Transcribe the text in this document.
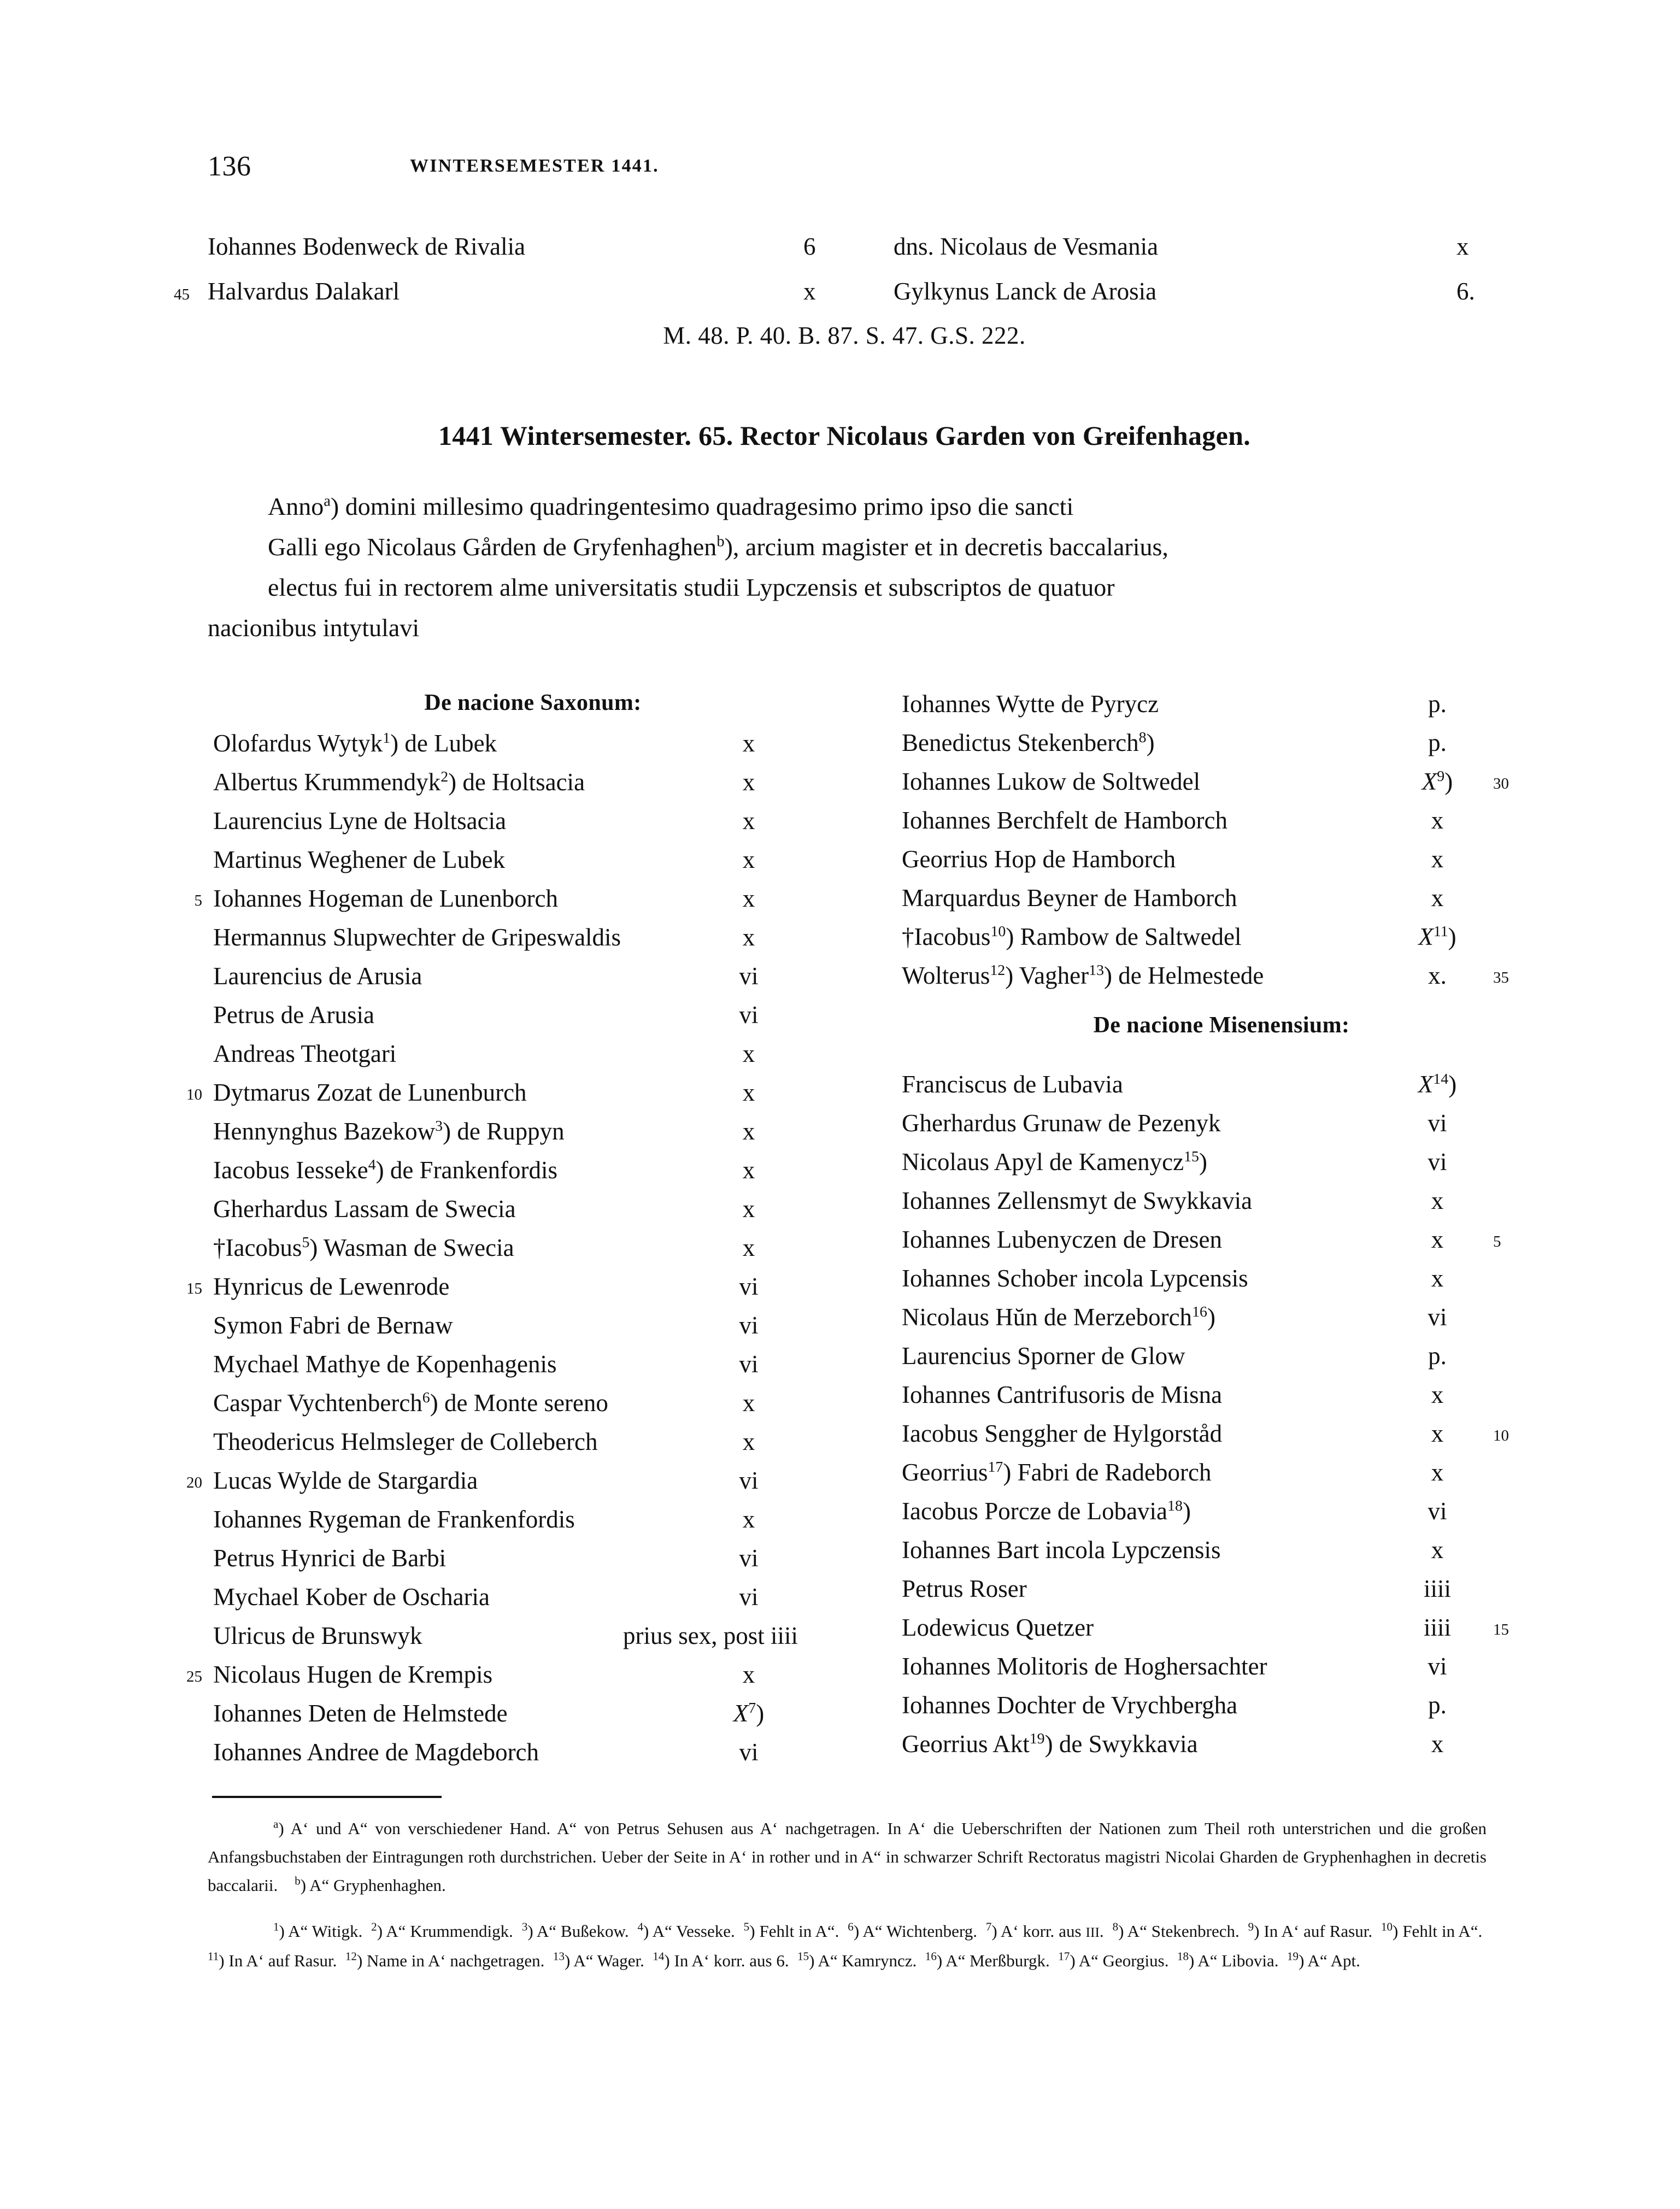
136	WINTERSEMESTER 1441.
Iohannes Bodenweck de Rivalia	6	dns. Nicolaus de Vesmania	x
45 Halvardus Dalakarl	x	Gylkynus Lanck de Arosia	6.
M. 48. P. 40. B. 87. S. 47. G.S. 222.
1441 Wintersemester. 65. Rector Nicolaus Garden von Greifenhagen.
Anno$^a$) domini millesimo quadringentesimo quadragesimo primo ipso die sancti
Galli ego Nicolaus Gården de Gryfenhaghen$^b$), arcium magister et in decretis baccalarius,
electus fui in rectorem alme universitatis studii Lypczensis et subscriptos de quatuor
nacionibus intytulavi
De nacione Saxonum:
Olofardus Wytyk$^1$) de Lubek	x
Albertus Krummendyk$^2$) de Holtsacia	x
Laurencius Lyne de Holtsacia	x
Martinus Weghener de Lubek	x
5 Iohannes Hogeman de Lunenborch	x
Hermannus Slupwechter de Gripeswaldis	x
Laurencius de Arusia	vi
Petrus de Arusia	vi
Andreas Theotgari	x
10 Dytmarus Zozat de Lunenburch	x
Hennynghus Bazekow$^3$) de Ruppyn	x
Iacobus Iesseke$^4$) de Frankenfordis	x
Gherhardus Lassam de Swecia	x
†Iacobus$^5$) Wasman de Swecia	x
15 Hynricus de Lewenrode	vi
Symon Fabri de Bernaw	vi
Mychael Mathye de Kopenhagenis	vi
Caspar Vychtenberch$^6$) de Monte sereno	x
Theodericus Helmsleger de Colleberch	x
20 Lucas Wylde de Stargardia	vi
Iohannes Rygeman de Frankenfordis	x
Petrus Hynrici de Barbi	vi
Mychael Kober de Oscharia	vi
Ulricus de Brunswyk	prius sex, post iiii
25 Nicolaus Hugen de Krempis	x
Iohannes Deten de Helmstede	X$^7$)
Iohannes Andree de Magdeborch	vi
Iohannes Wytte de Pyrycz	p.
Benedictus Stekenberch$^8$)	p.
Iohannes Lukow de Soltwedel	X$^9$)	30
Iohannes Berchfelt de Hamborch	x
Georrius Hop de Hamborch	x
Marquardus Beyner de Hamborch	x
†Iacobus$^{10}$) Rambow de Saltwedel	X$^{11}$)
Wolterus$^{12}$) Vagher$^{13}$) de Helmestede	x.	35
De nacione Misenensium:
Franciscus de Lubavia	X$^{14}$)
Gherhardus Grunaw de Pezenyk	vi
Nicolaus Apyl de Kamenycz$^{15}$)	vi
Iohannes Zellensmyt de Swykkavia	x
Iohannes Lubenyczen de Dresen	x	5
Iohannes Schober incola Lypcensis	x
Nicolaus Hŭn de Merzeborch$^{16}$)	vi
Laurencius Sporner de Glow	p.
Iohannes Cantrifusoris de Misna	x
Iacobus Senggher de Hylgorståd	x	10
Georrius$^{17}$) Fabri de Radeborch	x
Iacobus Porcze de Lobavia$^{18}$)	vi
Iohannes Bart incola Lypczensis	x
Petrus Roser	iiii
Lodewicus Quetzer	iiii	15
Iohannes Molitoris de Hoghersachter	vi
Iohannes Dochter de Vrychbergha	p.
Georrius Akt$^{19}$) de Swykkavia	x
$^a$) A‘ und A“ von verschiedener Hand. A“ von Petrus Sehusen aus A‘ nachgetragen. In A‘ die Ueberschriften der Nationen zum Theil roth unterstrichen und die großen Anfangsbuchstaben der Eintragungen roth durchstrichen. Ueber der Seite in A‘ in rother und in A“ in schwarzer Schrift Rectoratus magistri Nicolai Gharden de Gryphenhaghen in decretis baccalarii.    $^b$) A“ Gryphenhaghen.
$^1$) A“ Witigk.  $^2$) A“ Krummendigk.  $^3$) A“ Bußekow.  $^4$) A“ Vesseke.  $^5$) Fehlt in A“.  $^6$) A“ Wichtenberg.  $^7$) A‘ korr. aus III.  $^8$) A“ Stekenbrech.  $^9$) In A‘ auf Rasur.  $^{10}$) Fehlt in A“.  $^{11}$) In A‘ auf Rasur.  $^{12}$) Name in A‘ nachgetragen.  $^{13}$) A“ Wager.  $^{14}$) In A‘ korr. aus 6.  $^{15}$) A“ Kamryncz.  $^{16}$) A“ Merßburgk.  $^{17}$) A“ Georgius.  $^{18}$) A“ Libovia.  $^{19}$) A“ Apt.
